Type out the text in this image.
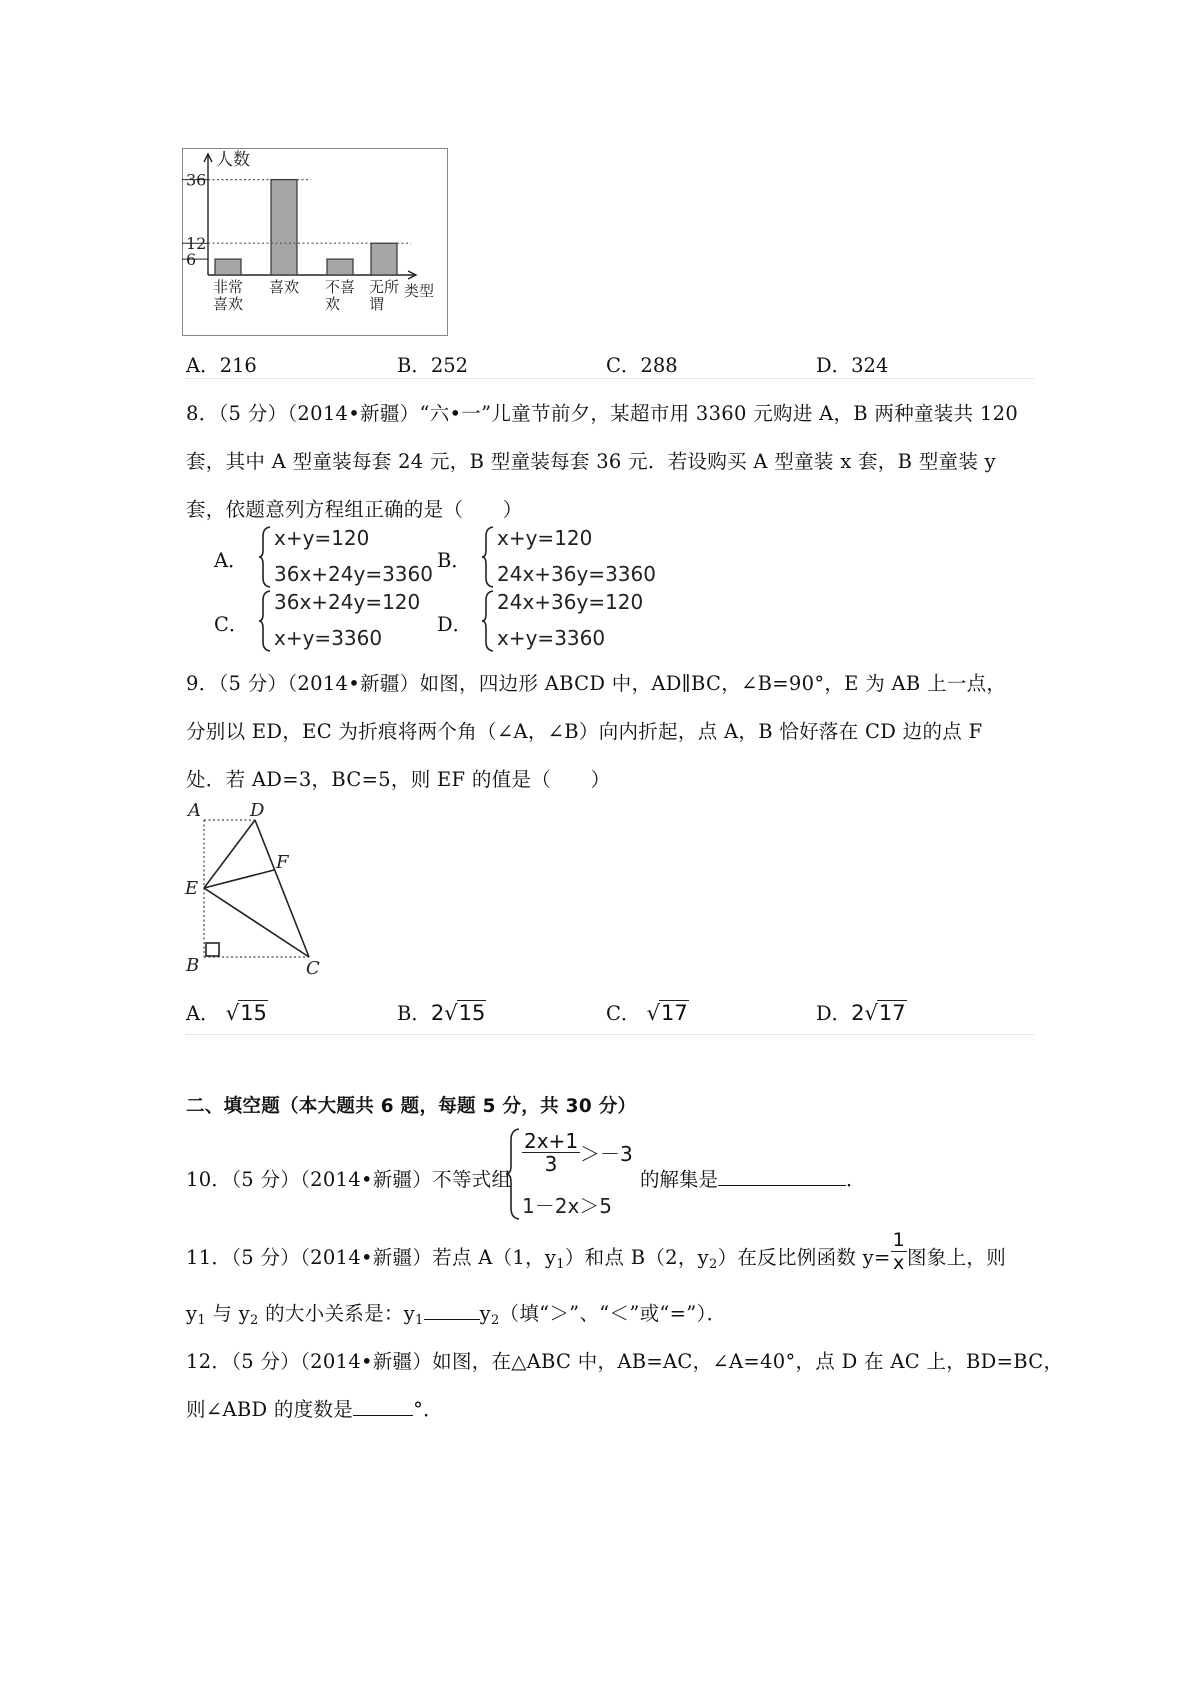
人数
类型
36
12
6
非常
喜欢
喜欢 不喜
欢
无所
谓
A．216	B．252	C．288	D．324
8．（5 分）（2014•新疆）“六•一”儿童节前夕，某超市用 3360 元购进 A，B 两种童装共 120
套，其中 A 型童装每套 24 元，B 型童装每套 36 元．若设购买 A 型童装 x 套，B 型童装 y
套，依题意列方程组正确的是（　　）
A．
x+y=120
36x+24y=3360
B．
x+y=120
24x+36y=3360
C．
36x+24y=120
x+y=3360
D．
24x+36y=120
x+y=3360
9．（5 分）（2014•新疆）如图，四边形 ABCD 中，AD∥BC，∠B=90°，E 为 AB 上一点，
分别以 ED，EC 为折痕将两个角（∠A，∠B）向内折起，点 A，B 恰好落在 CD 边的点 F
处．若 AD=3，BC=5，则 EF 的值是（　　）
A	D
F
E
B	C
A． √15	B．2√15	C． √17	D．2√17
二、填空题（本大题共 6 题，每题 5 分，共 30 分）
10．（5 分）（2014•新疆）不等式组
$\frac{2x+1}{3} >-3$
1－2x＞5
的解集是	．
11．（5 分）（2014•新疆）若点 A（1，$y_1$）和点 B（2，$y_2$）在反比例函数 $y= \frac{1}{x}$ 图象上，则
$y_1$ 与 $y_2$ 的大小关系是：$y_1$	$y_2$（填“＞”、“＜”或“=”）．
12．（5 分）（2014•新疆）如图，在△ABC 中，AB=AC，∠A=40°，点 D 在 AC 上，BD=BC，
则∠ABD 的度数是	°．
